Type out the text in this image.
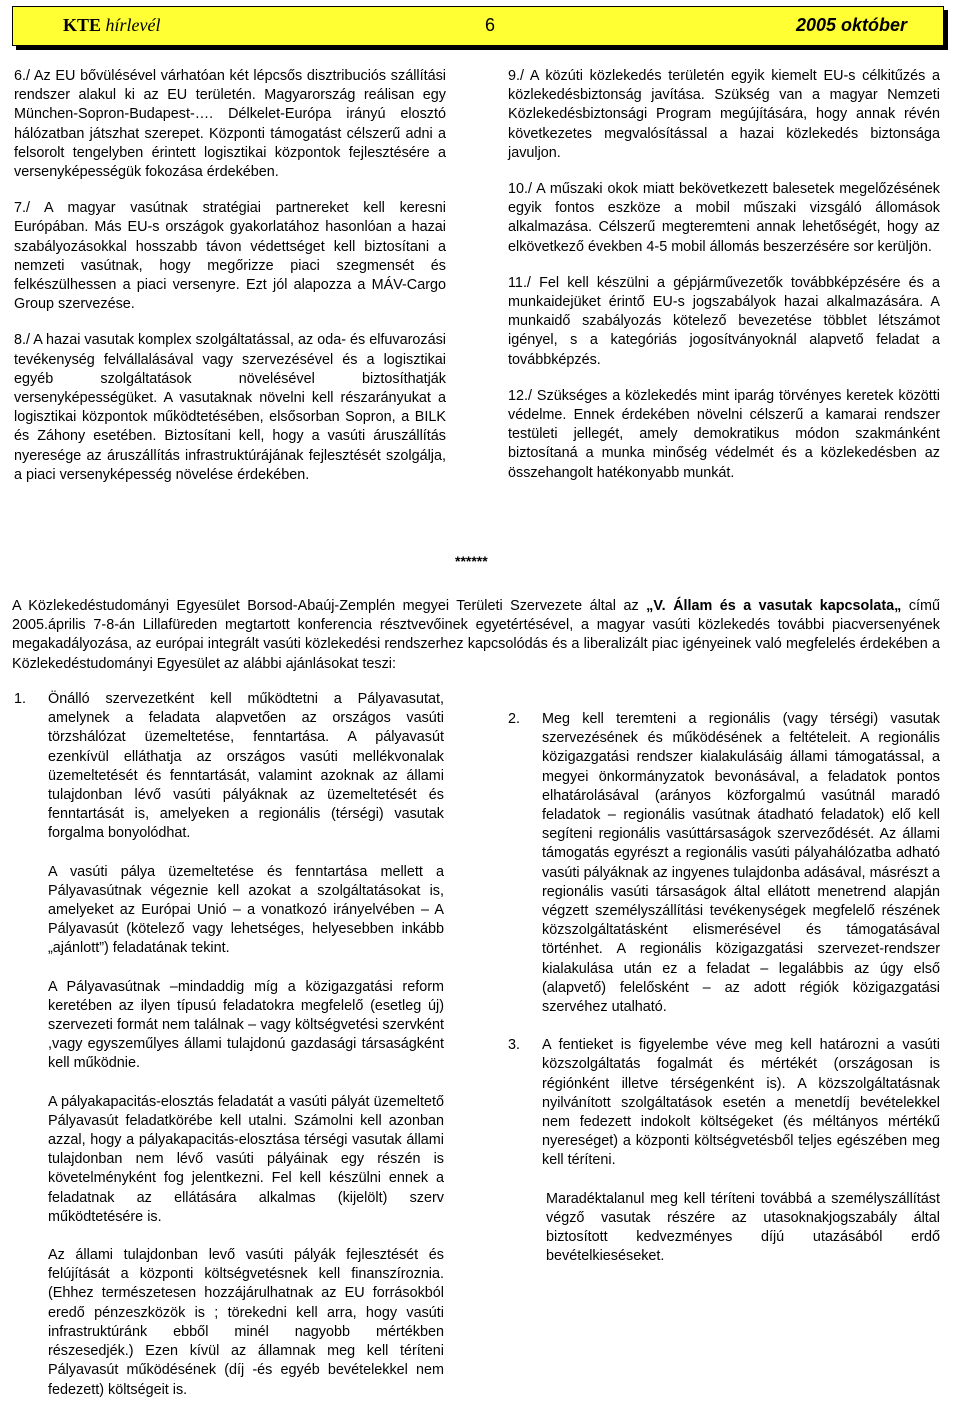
KTE hírlevél	6	2005 október

6./ Az EU bővülésével várhatóan két lépcsős disztribuciós szállítási rendszer alakul ki az EU területén. Magyarország reálisan egy München-Sopron-Budapest-…. Délkelet-Európa irányú elosztó hálózatban játszhat szerepet. Központi támogatást célszerű adni a felsorolt tengelyben érintett logisztikai központok fejlesztésére a versenyképességük fokozása érdekében.

7./ A magyar vasútnak stratégiai partnereket kell keresni Európában. Más EU-s országok gyakorlatához hasonlóan a hazai szabályozásokkal hosszabb távon védettséget kell biztosítani a nemzeti vasútnak, hogy megőrizze piaci szegmensét és felkészülhessen a piaci versenyre. Ezt jól alapozza a MÁV-Cargo Group szervezése.

8./ A hazai vasutak komplex szolgáltatással, az oda- és elfuvarozási tevékenység felvállalásával vagy szervezésével és a logisztikai egyéb szolgáltatások növelésével biztosíthatják versenyképességüket. A vasutaknak növelni kell részarányukat a logisztikai központok működtetésében, elsősorban Sopron, a BILK és Záhony esetében. Biztosítani kell, hogy a vasúti áruszállítás nyeresége az áruszállítás infrastruktúrájának fejlesztését szolgálja, a piaci versenyképesség növelése érdekében.

9./ A közúti közlekedés területén egyik kiemelt EU-s célkitűzés a közlekedésbiztonság javítása. Szükség van a magyar Nemzeti Közlekedésbiztonsági Program megújítására, hogy annak révén következetes megvalósítással a hazai közlekedés biztonsága javuljon.

10./ A műszaki okok miatt bekövetkezett balesetek megelőzésének egyik fontos eszköze a mobil műszaki vizsgáló állomások alkalmazása. Célszerű megteremteni annak lehetőségét, hogy az elkövetkező években 4-5 mobil állomás beszerzésére sor kerüljön.

11./ Fel kell készülni a gépjárművezetők továbbképzésére és a munkaidejüket érintő EU-s jogszabályok hazai alkalmazására. A munkaidő szabályozás kötelező bevezetése többlet létszámot igényel, s a kategóriás jogosítványoknál alapvető feladat a továbbképzés.

12./ Szükséges a közlekedés mint iparág törvényes keretek közötti védelme. Ennek érdekében növelni célszerű a kamarai rendszer testületi jellegét, amely demokratikus módon szakmánként biztosítaná a munka minőség védelmét és a közlekedésben az összehangolt hatékonyabb munkát.

******
A Közlekedéstudományi Egyesület Borsod-Abaúj-Zemplén megyei Területi Szervezete által az „V. Állam és a vasutak kapcsolata„ című 2005.április 7-8-án Lillafüreden megtartott konferencia résztvevőinek egyetértésével, a magyar vasúti közlekedés további piacversenyének megakadályozása, az európai integrált vasúti közlekedési rendszerhez kapcsolódás és a liberalizált piac igényeinek való megfelelés érdekében a Közlekedéstudományi Egyesület az alábbi ajánlásokat teszi:
1. Önálló szervezetként kell működtetni a Pályavasutat, amelynek a feladata alapvetően az országos vasúti törzshálózat üzemeltetése, fenntartása. A pályavasút ezenkívül elláthatja az országos vasúti mellékvonalak üzemeltetését és fenntartását, valamint azoknak az állami tulajdonban lévő vasúti pályáknak az üzemeltetését és fenntartását is, amelyeken a regionális (térségi) vasutak forgalma bonyolódhat.

A vasúti pálya üzemeltetése és fenntartása mellett a Pályavasútnak végeznie kell azokat a szolgáltatásokat is, amelyeket az Európai Unió – a vonatkozó irányelvében – A Pályavasút (kötelező vagy lehetséges, helyesebben inkább „ajánlott”) feladatának tekint.

A Pályavasútnak –mindaddig míg a közigazgatási reform keretében az ilyen típusú feladatokra megfelelő (esetleg új) szervezeti formát nem találnak – vagy költségvetési szervként ,vagy egyszeműlyes állami tulajdonú gazdasági társaságként kell működnie.

A pályakapacitás-elosztás feladatát a vasúti pályát üzemeltető Pályavasút feladatkörébe kell utalni. Számolni kell azonban azzal, hogy a pályakapacitás-elosztása térségi vasutak állami tulajdonban nem lévő vasúti pályáinak egy részén is követelményként fog jelentkezni. Fel kell készülni ennek a feladatnak az ellátására alkalmas (kijelölt) szerv működtetésére is.

Az állami tulajdonban levő vasúti pályák fejlesztését és felújítását a központi költségvetésnek kell finanszíroznia.(Ehhez természetesen hozzájárulhatnak az EU forrásokból eredő pénzeszközök is ; törekedni kell arra, hogy vasúti infrastruktúránk ebből minél nagyobb mértékben részesedjék.) Ezen kívül az államnak meg kell téríteni Pályavasút működésének (díj -és egyéb bevételekkel nem fedezett) költségeit is.

2. Meg kell teremteni a regionális (vagy térségi) vasutak szervezésének és működésének a feltételeit. A regionális közigazgatási rendszer kialakulásáig állami támogatással, a megyei önkormányzatok bevonásával, a feladatok pontos elhatárolásával (arányos közforgalmú vasútnál maradó feladatok – regionális vasútnak átadható feladatok) elő kell segíteni regionális vasúttársaságok szerveződését. Az állami támogatás egyrészt a regionális vasúti pályahálózatba adható vasúti pályáknak az ingyenes tulajdonba adásával, másrészt a regionális vasúti társaságok által ellátott menetrend alapján végzett személyszállítási tevékenységek megfelelő részének közszolgáltatásként elismerésével és támogatásával történhet. A regionális közigazgatási szervezet-rendszer kialakulása után ez a feladat – legalábbis az úgy első (alapvető) felelősként – az adott régiók közigazgatási szervéhez utalható.

3. A fentieket is figyelembe véve meg kell határozni a vasúti közszolgáltatás fogalmát és mértékét (országosan is régiónként illetve térségenként is). A közszolgáltatásnak nyilvánított szolgáltatások esetén a menetdíj bevételekkel nem fedezett indokolt költségeket (és méltányos mértékű nyereséget) a központi költségvetésből teljes egészében meg kell téríteni.

Maradéktalanul meg kell téríteni továbbá a személyszállítást végző vasutak részére az utasoknakjogszabály által biztosított kedvezményes díjú utazásából erdő bevételkieséseket.
